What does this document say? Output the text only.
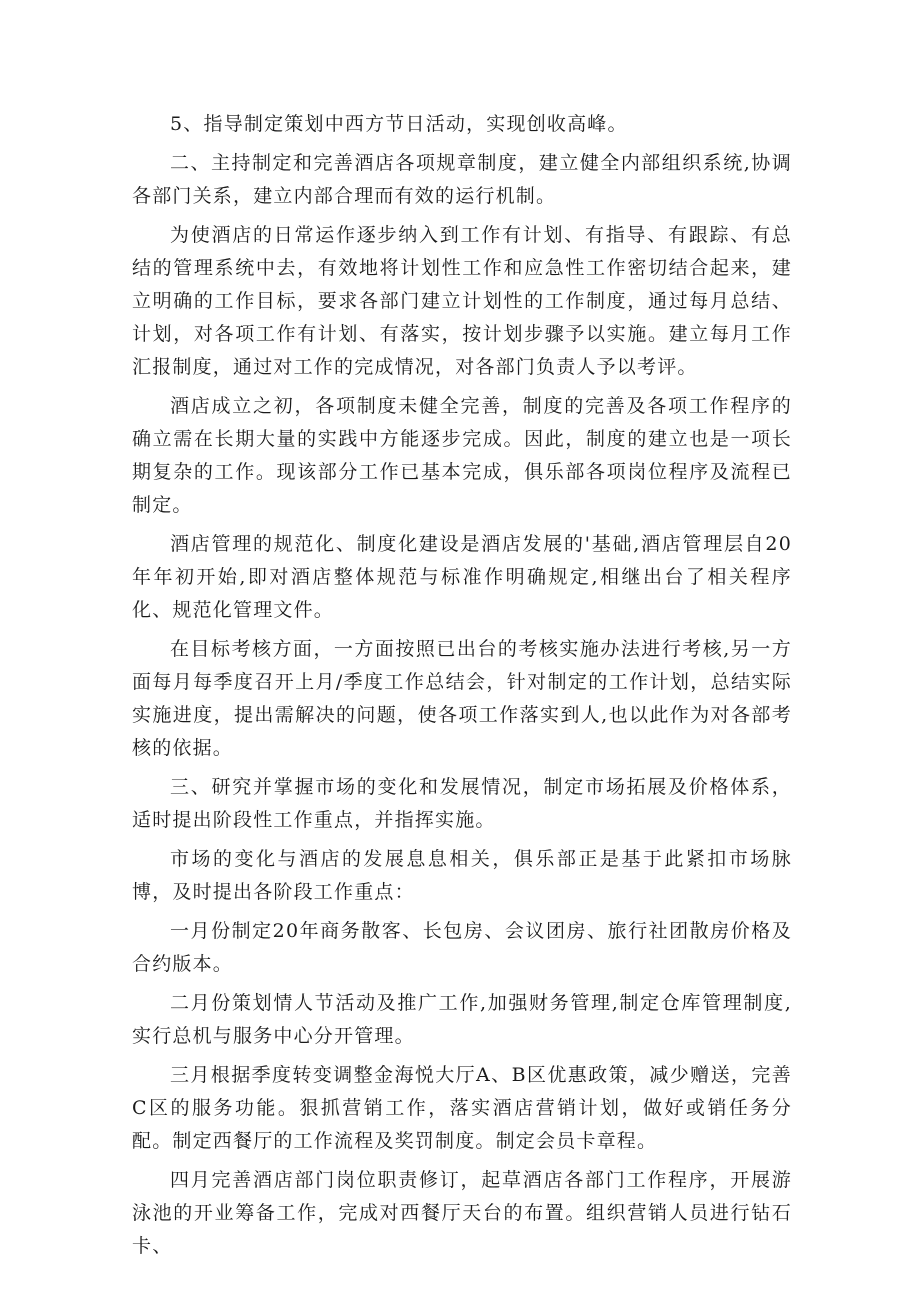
5、指导制定策划中西方节日活动，实现创收高峰。

二、主持制定和完善酒店各项规章制度，建立健全内部组织系统,协调各部门关系，建立内部合理而有效的运行机制。

为使酒店的日常运作逐步纳入到工作有计划、有指导、有跟踪、有总结的管理系统中去，有效地将计划性工作和应急性工作密切结合起来，建立明确的工作目标，要求各部门建立计划性的工作制度，通过每月总结、计划，对各项工作有计划、有落实，按计划步骤予以实施。建立每月工作汇报制度，通过对工作的完成情况，对各部门负责人予以考评。

酒店成立之初，各项制度未健全完善，制度的完善及各项工作程序的确立需在长期大量的实践中方能逐步完成。因此，制度的建立也是一项长期复杂的工作。现该部分工作已基本完成，俱乐部各项岗位程序及流程已制定。

酒店管理的规范化、制度化建设是酒店发展的'基础,酒店管理层自20年年初开始,即对酒店整体规范与标准作明确规定,相继出台了相关程序化、规范化管理文件。

在目标考核方面，一方面按照已出台的考核实施办法进行考核,另一方面每月每季度召开上月/季度工作总结会，针对制定的工作计划，总结实际实施进度，提出需解决的问题，使各项工作落实到人,也以此作为对各部考核的依据。

三、研究并掌握市场的变化和发展情况，制定市场拓展及价格体系，适时提出阶段性工作重点，并指挥实施。

市场的变化与酒店的发展息息相关，俱乐部正是基于此紧扣市场脉博，及时提出各阶段工作重点：

一月份制定20年商务散客、长包房、会议团房、旅行社团散房价格及合约版本。

二月份策划情人节活动及推广工作,加强财务管理,制定仓库管理制度,实行总机与服务中心分开管理。

三月根据季度转变调整金海悦大厅A、B区优惠政策，减少赠送，完善C区的服务功能。狠抓营销工作，落实酒店营销计划，做好或销任务分配。制定西餐厅的工作流程及奖罚制度。制定会员卡章程。

四月完善酒店部门岗位职责修订，起草酒店各部门工作程序，开展游泳池的开业筹备工作，完成对西餐厅天台的布置。组织营销人员进行钻石卡、
